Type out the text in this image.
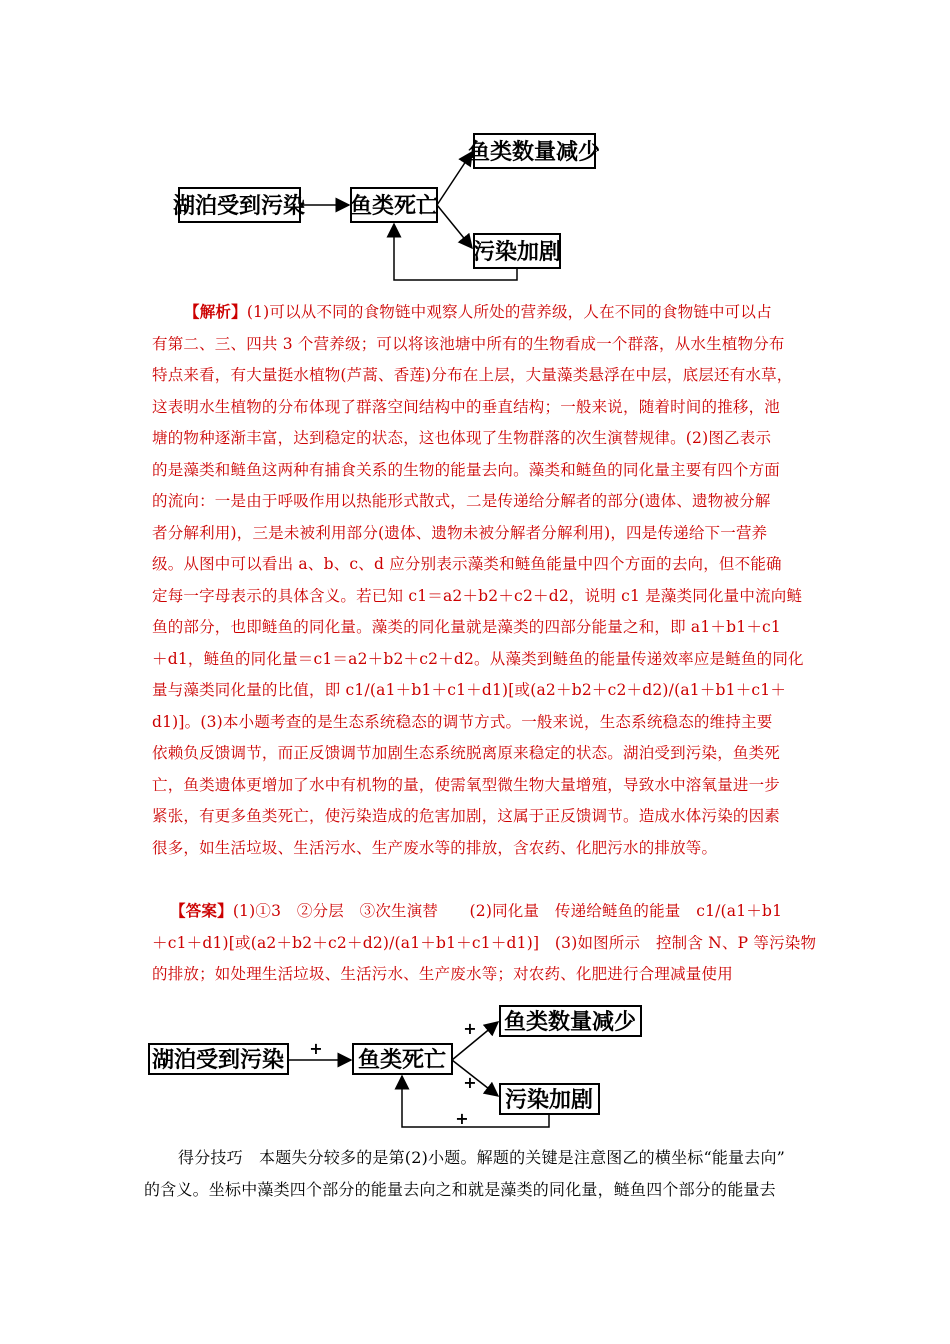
湖泊受到污染 鱼类死亡
鱼类数量减少
污染加剧
【解析】(1)可以从不同的食物链中观察人所处的营养级，人在不同的食物链中可以占
有第二、三、四共 3 个营养级；可以将该池塘中所有的生物看成一个群落，从水生植物分布
特点来看，有大量挺水植物(芦蒿、香莲)分布在上层，大量藻类悬浮在中层，底层还有水草，
这表明水生植物的分布体现了群落空间结构中的垂直结构；一般来说，随着时间的推移，池
塘的物种逐渐丰富，达到稳定的状态，这也体现了生物群落的次生演替规律。(2)图乙表示
的是藻类和鲢鱼这两种有捕食关系的生物的能量去向。藻类和鲢鱼的同化量主要有四个方面
的流向：一是由于呼吸作用以热能形式散式，二是传递给分解者的部分(遗体、遗物被分解
者分解利用)，三是未被利用部分(遗体、遗物未被分解者分解利用)，四是传递给下一营养
级。从图中可以看出 a、b、c、d 应分别表示藻类和鲢鱼能量中四个方面的去向，但不能确
定每一字母表示的具体含义。若已知 c1＝a2＋b2＋c2＋d2，说明 c1 是藻类同化量中流向鲢
鱼的部分，也即鲢鱼的同化量。藻类的同化量就是藻类的四部分能量之和，即 a1＋b1＋c1
＋d1，鲢鱼的同化量＝c1＝a2＋b2＋c2＋d2。从藻类到鲢鱼的能量传递效率应是鲢鱼的同化
量与藻类同化量的比值，即 c1/(a1＋b1＋c1＋d1)[或(a2＋b2＋c2＋d2)/(a1＋b1＋c1＋
d1)]。(3)本小题考查的是生态系统稳态的调节方式。一般来说，生态系统稳态的维持主要
依赖负反馈调节，而正反馈调节加剧生态系统脱离原来稳定的状态。湖泊受到污染，鱼类死
亡，鱼类遗体更增加了水中有机物的量，使需氧型微生物大量增殖，导致水中溶氧量进一步
紧张，有更多鱼类死亡，使污染造成的危害加剧，这属于正反馈调节。造成水体污染的因素
很多，如生活垃圾、生活污水、生产废水等的排放，含农药、化肥污水的排放等。
【答案】(1)①3　②分层　③次生演替　　(2)同化量　传递给鲢鱼的能量　c1/(a1＋b1
＋c1＋d1)[或(a2＋b2＋c2＋d2)/(a1＋b1＋c1＋d1)]　(3)如图所示　控制含 N、P 等污染物
的排放；如处理生活垃圾、生活污水、生产废水等；对农药、化肥进行合理减量使用
湖泊受到污染	鱼类死亡
鱼类数量减少
污染加剧
+
+
+
+
得分技巧　本题失分较多的是第(2)小题。解题的关键是注意图乙的横坐标“能量去向”
的含义。坐标中藻类四个部分的能量去向之和就是藻类的同化量，鲢鱼四个部分的能量去
